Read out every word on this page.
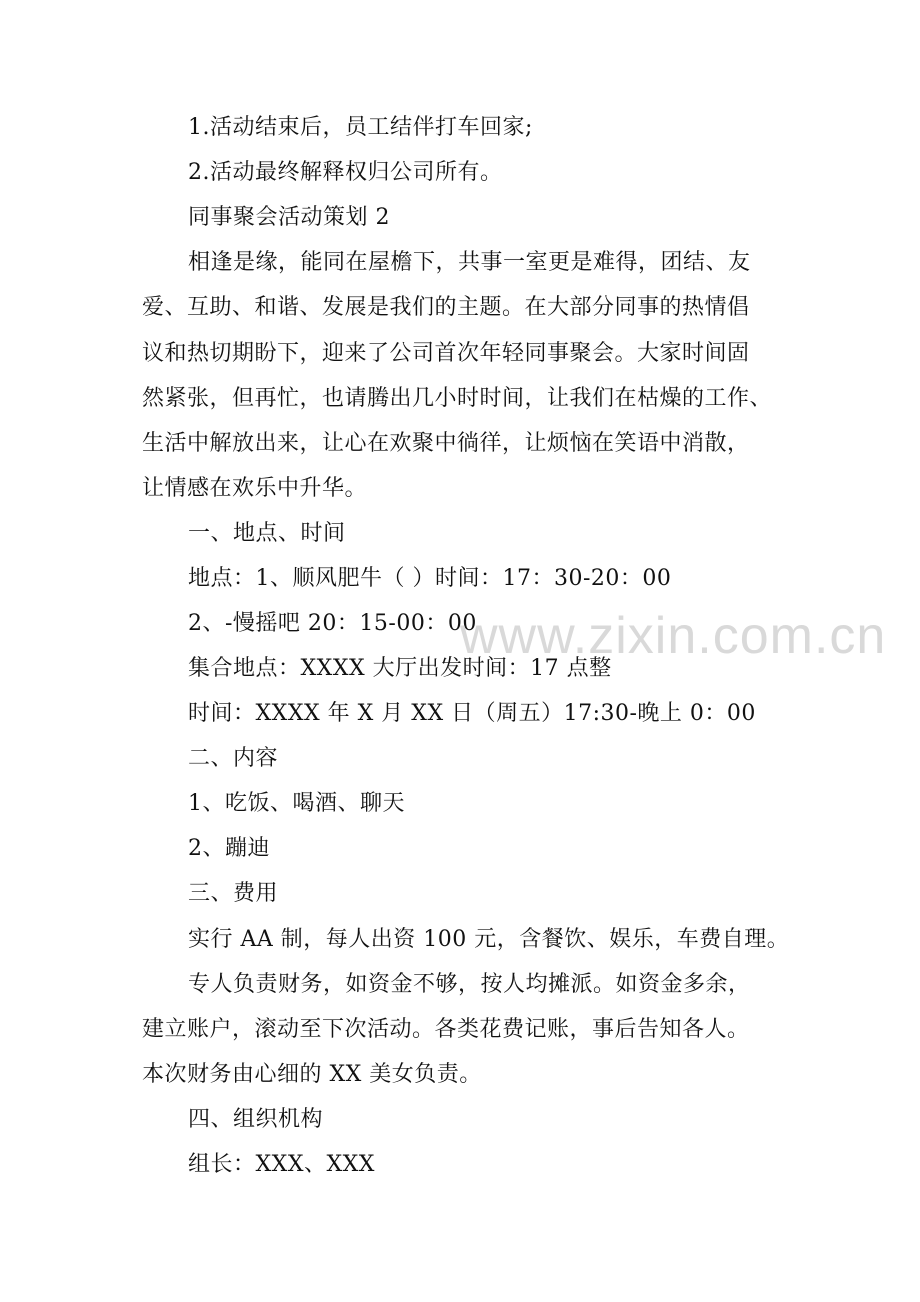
1.活动结束后，员工结伴打车回家;
2.活动最终解释权归公司所有。
同事聚会活动策划 2
相逢是缘，能同在屋檐下，共事一室更是难得，团结、友
爱、互助、和谐、发展是我们的主题。在大部分同事的热情倡
议和热切期盼下，迎来了公司首次年轻同事聚会。大家时间固
然紧张，但再忙，也请腾出几小时时间，让我们在枯燥的工作、
生活中解放出来，让心在欢聚中徜徉，让烦恼在笑语中消散，
让情感在欢乐中升华。
一、地点、时间
地点：1、顺风肥牛（ ）时间：17：30-20：00
2、-慢摇吧 20：15-00：00
集合地点：XXXX 大厅出发时间：17 点整
时间：XXXX 年 X 月 XX 日（周五）17:30-晚上 0：00
二、内容
1、吃饭、喝酒、聊天
2、蹦迪
三、费用
实行 AA 制，每人出资 100 元，含餐饮、娱乐，车费自理。
专人负责财务，如资金不够，按人均摊派。如资金多余，
建立账户，滚动至下次活动。各类花费记账，事后告知各人。
本次财务由心细的 XX 美女负责。
四、组织机构
组长：XXX、XXX
www.zixin.com.cn
